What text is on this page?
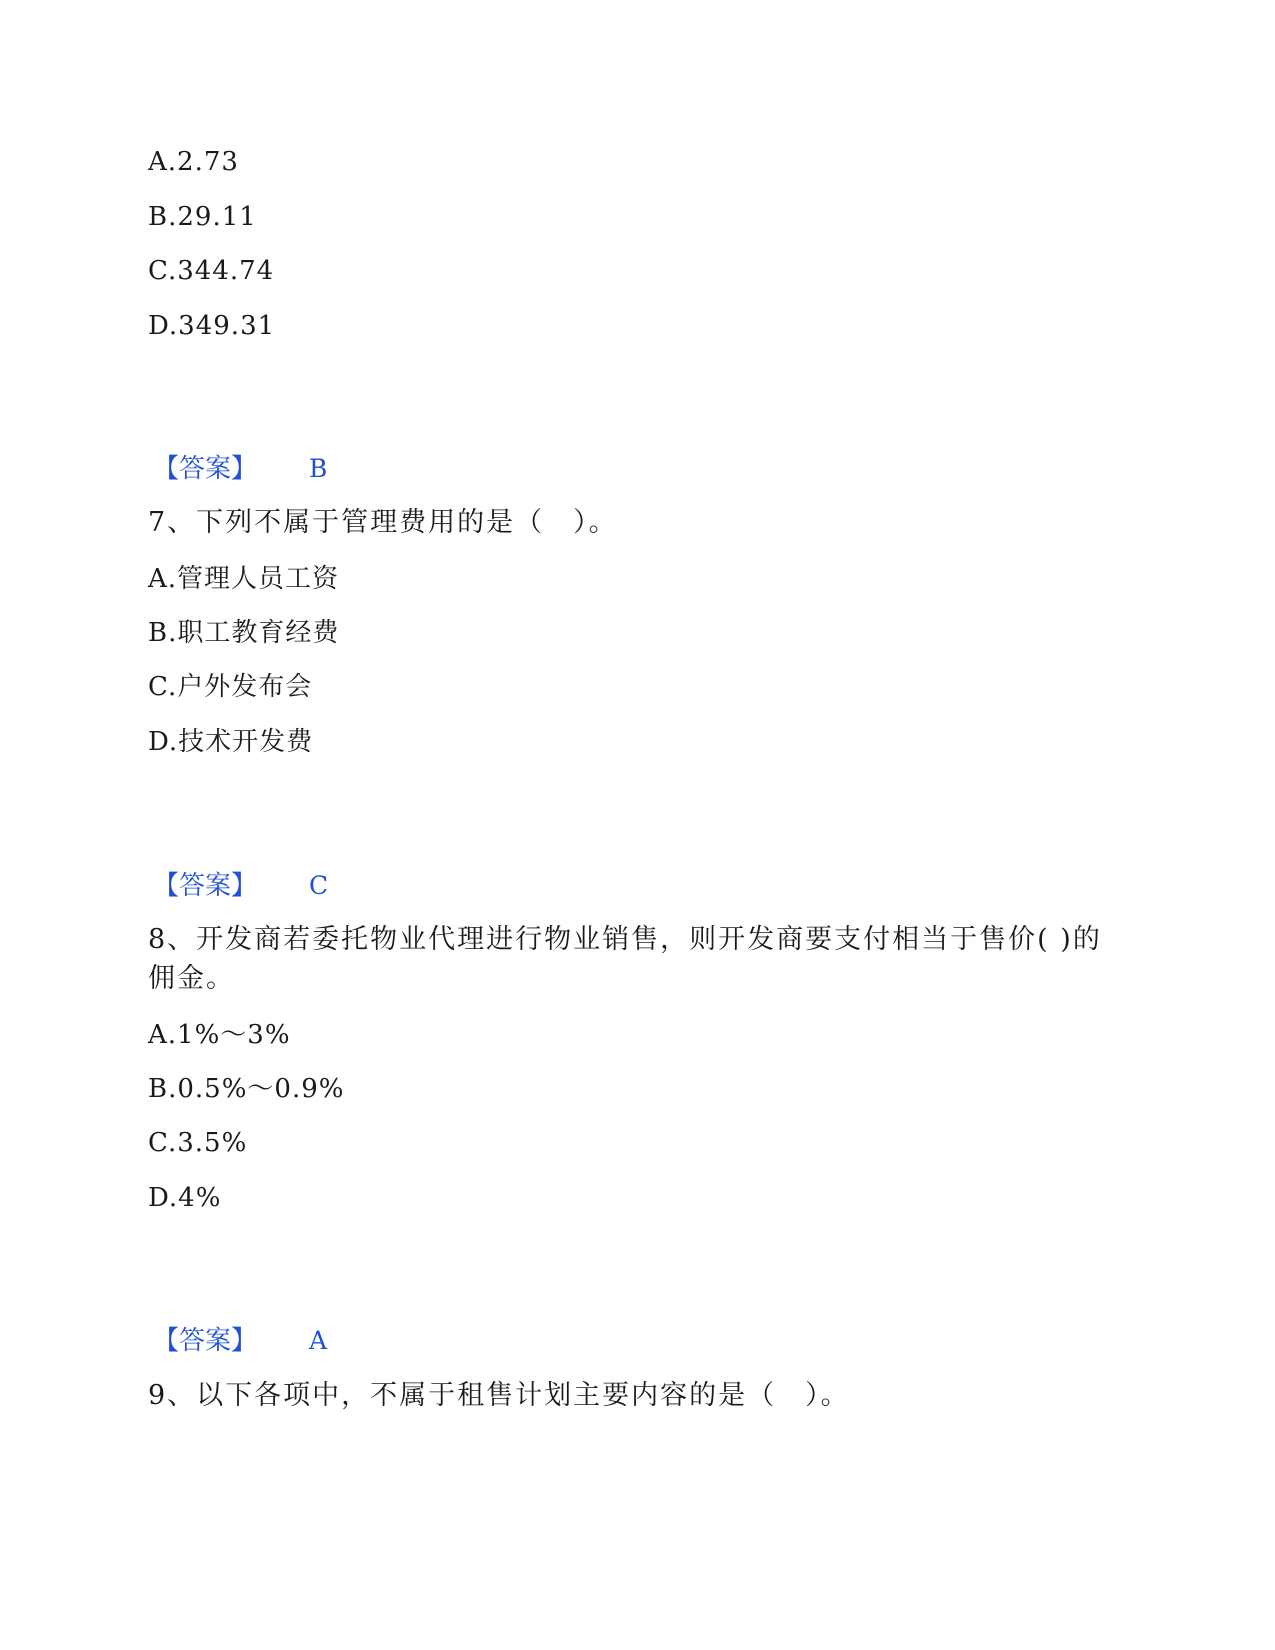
A.2.73
B.29.11
C.344.74
D.349.31
【答案】 B
7、下列不属于管理费用的是（　）。
A.管理人员工资
B.职工教育经费
C.户外发布会
D.技术开发费
【答案】 C
8、开发商若委托物业代理进行物业销售，则开发商要支付相当于售价( )的
佣金。
A.1%～3%
B.0.5%～0.9%
C.3.5%
D.4%
【答案】 A
9、以下各项中，不属于租售计划主要内容的是（　）。
